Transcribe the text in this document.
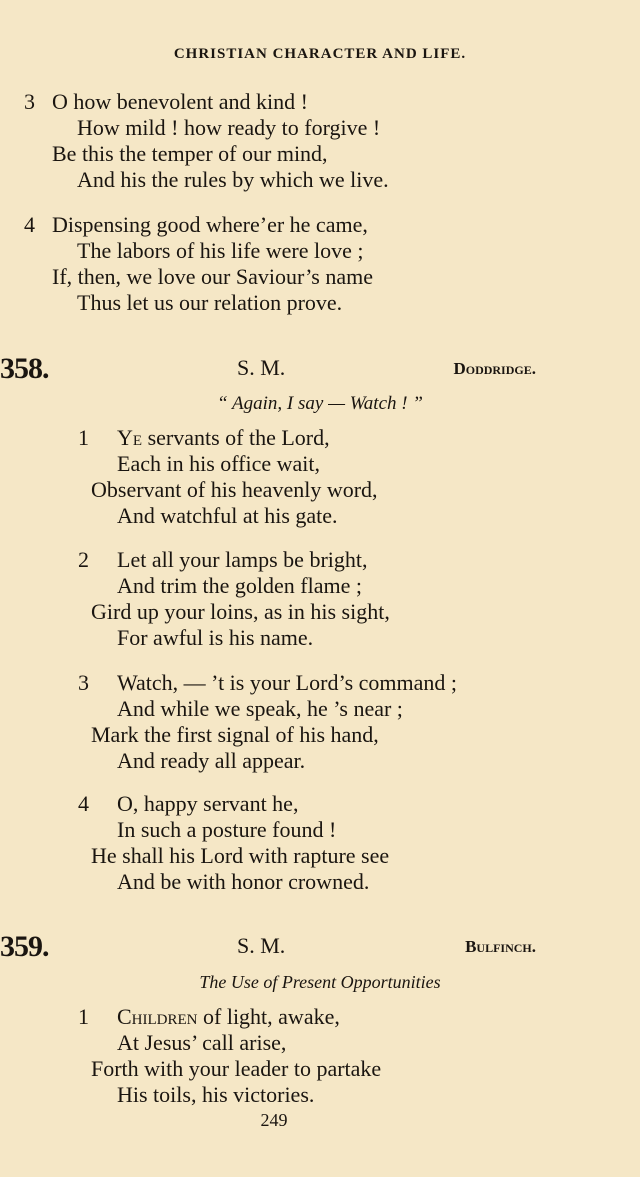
CHRISTIAN CHARACTER AND LIFE.
3 O how benevolent and kind !
How mild ! how ready to forgive !
Be this the temper of our mind,
And his the rules by which we live.
4 Dispensing good where’er he came,
The labors of his life were love ;
If, then, we love our Saviour’s name
Thus let us our relation prove.
358.	S. M.	Doddridge.
“ Again, I say — Watch ! ”
1 Ye servants of the Lord,
Each in his office wait,
Observant of his heavenly word,
And watchful at his gate.
2 Let all your lamps be bright,
And trim the golden flame ;
Gird up your loins, as in his sight,
For awful is his name.
3 Watch, — ’t is your Lord’s command ;
And while we speak, he ’s near ;
Mark the first signal of his hand,
And ready all appear.
4 O, happy servant he,
In such a posture found !
He shall his Lord with rapture see
And be with honor crowned.
359.	S. M.	Bulfinch.
The Use of Present Opportunities
1 Children of light, awake,
At Jesus’ call arise,
Forth with your leader to partake
His toils, his victories.
249
